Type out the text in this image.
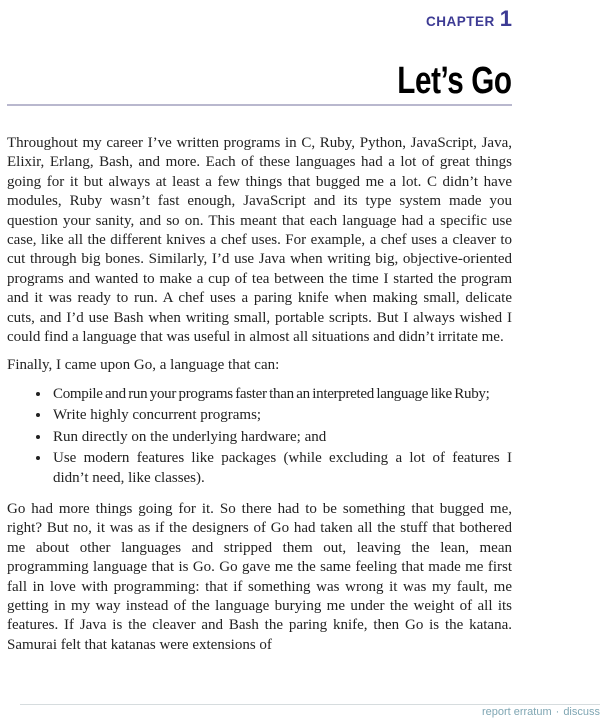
CHAPTER 1
Let’s Go

Throughout my career I’ve written programs in C, Ruby, Python, JavaScript, Java, Elixir, Erlang, Bash, and more. Each of these languages had a lot of great things going for it but always at least a few things that bugged me a lot. C didn’t have modules, Ruby wasn’t fast enough, JavaScript and its type system made you question your sanity, and so on. This meant that each language had a specific use case, like all the different knives a chef uses. For example, a chef uses a cleaver to cut through big bones. Similarly, I’d use Java when writing big, objective-oriented programs and wanted to make a cup of tea between the time I started the program and it was ready to run. A chef uses a paring knife when making small, delicate cuts, and I’d use Bash when writing small, portable scripts. But I always wished I could find a language that was useful in almost all situations and didn’t irritate me.

Finally, I came upon Go, a language that can:

• Compile and run your programs faster than an interpreted language like Ruby;
• Write highly concurrent programs;
• Run directly on the underlying hardware; and
• Use modern features like packages (while excluding a lot of features I didn’t need, like classes).

Go had more things going for it. So there had to be something that bugged me, right? But no, it was as if the designers of Go had taken all the stuff that bothered me about other languages and stripped them out, leaving the lean, mean programming language that is Go. Go gave me the same feeling that made me first fall in love with programming: that if something was wrong it was my fault, me getting in my way instead of the language burying me under the weight of all its features. If Java is the cleaver and Bash the paring knife, then Go is the katana. Samurai felt that katanas were extensions of

report erratum · discuss
